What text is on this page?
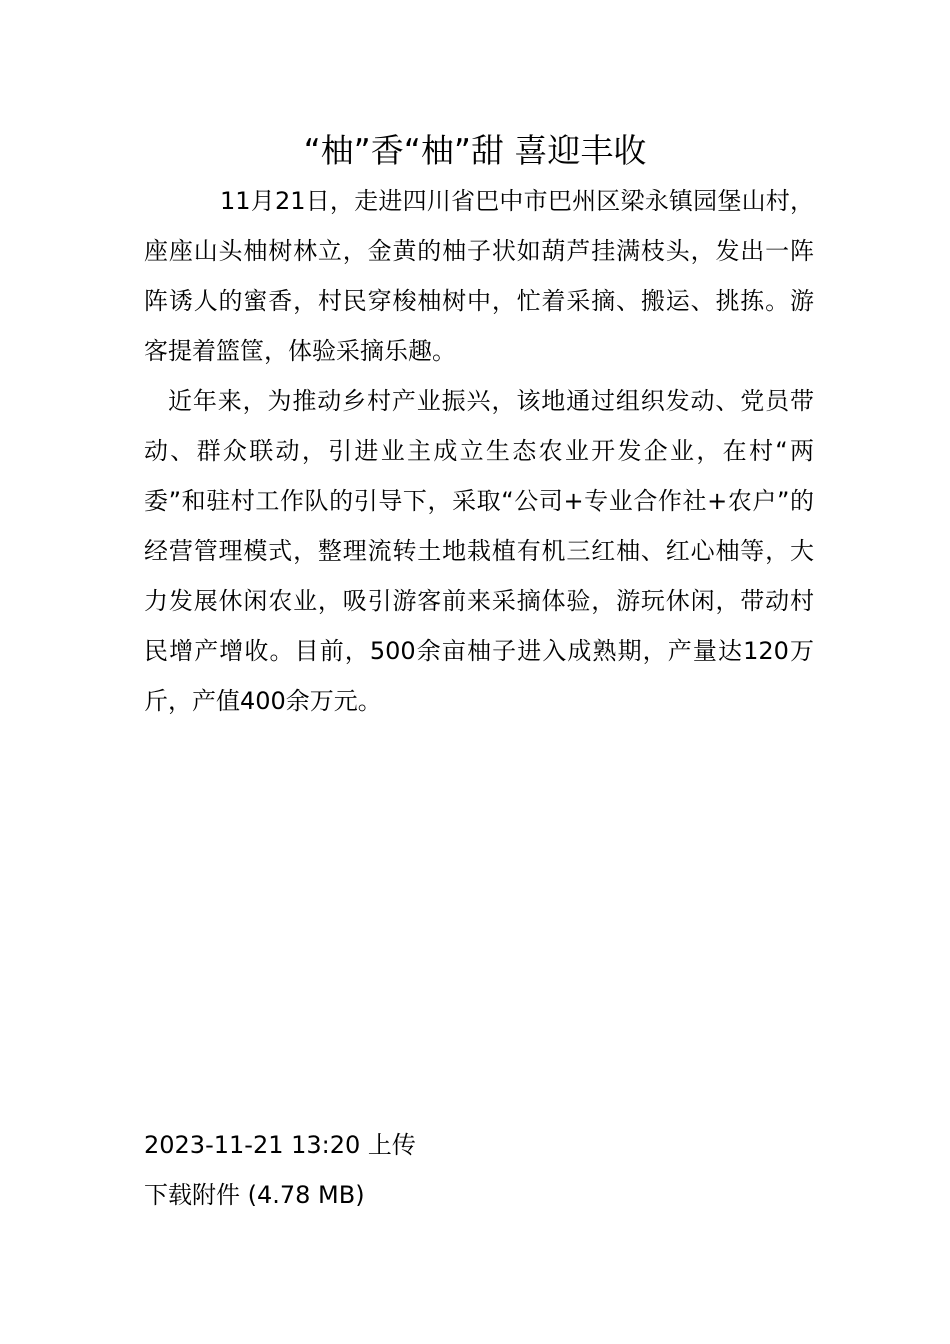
“柚”香“柚”甜 喜迎丰收

11月21日，走进四川省巴中市巴州区梁永镇园堡山村，座座山头柚树林立，金黄的柚子状如葫芦挂满枝头，发出一阵阵诱人的蜜香，村民穿梭柚树中，忙着采摘、搬运、挑拣。游客提着篮筐，体验采摘乐趣。

近年来，为推动乡村产业振兴，该地通过组织发动、党员带动、群众联动，引进业主成立生态农业开发企业，在村“两委”和驻村工作队的引导下，采取“公司+专业合作社+农户”的经营管理模式，整理流转土地栽植有机三红柚、红心柚等，大力发展休闲农业，吸引游客前来采摘体验，游玩休闲，带动村民增产增收。目前，500余亩柚子进入成熟期，产量达120万斤，产值400余万元。

2023-11-21 13:20 上传
下载附件 (4.78 MB)
